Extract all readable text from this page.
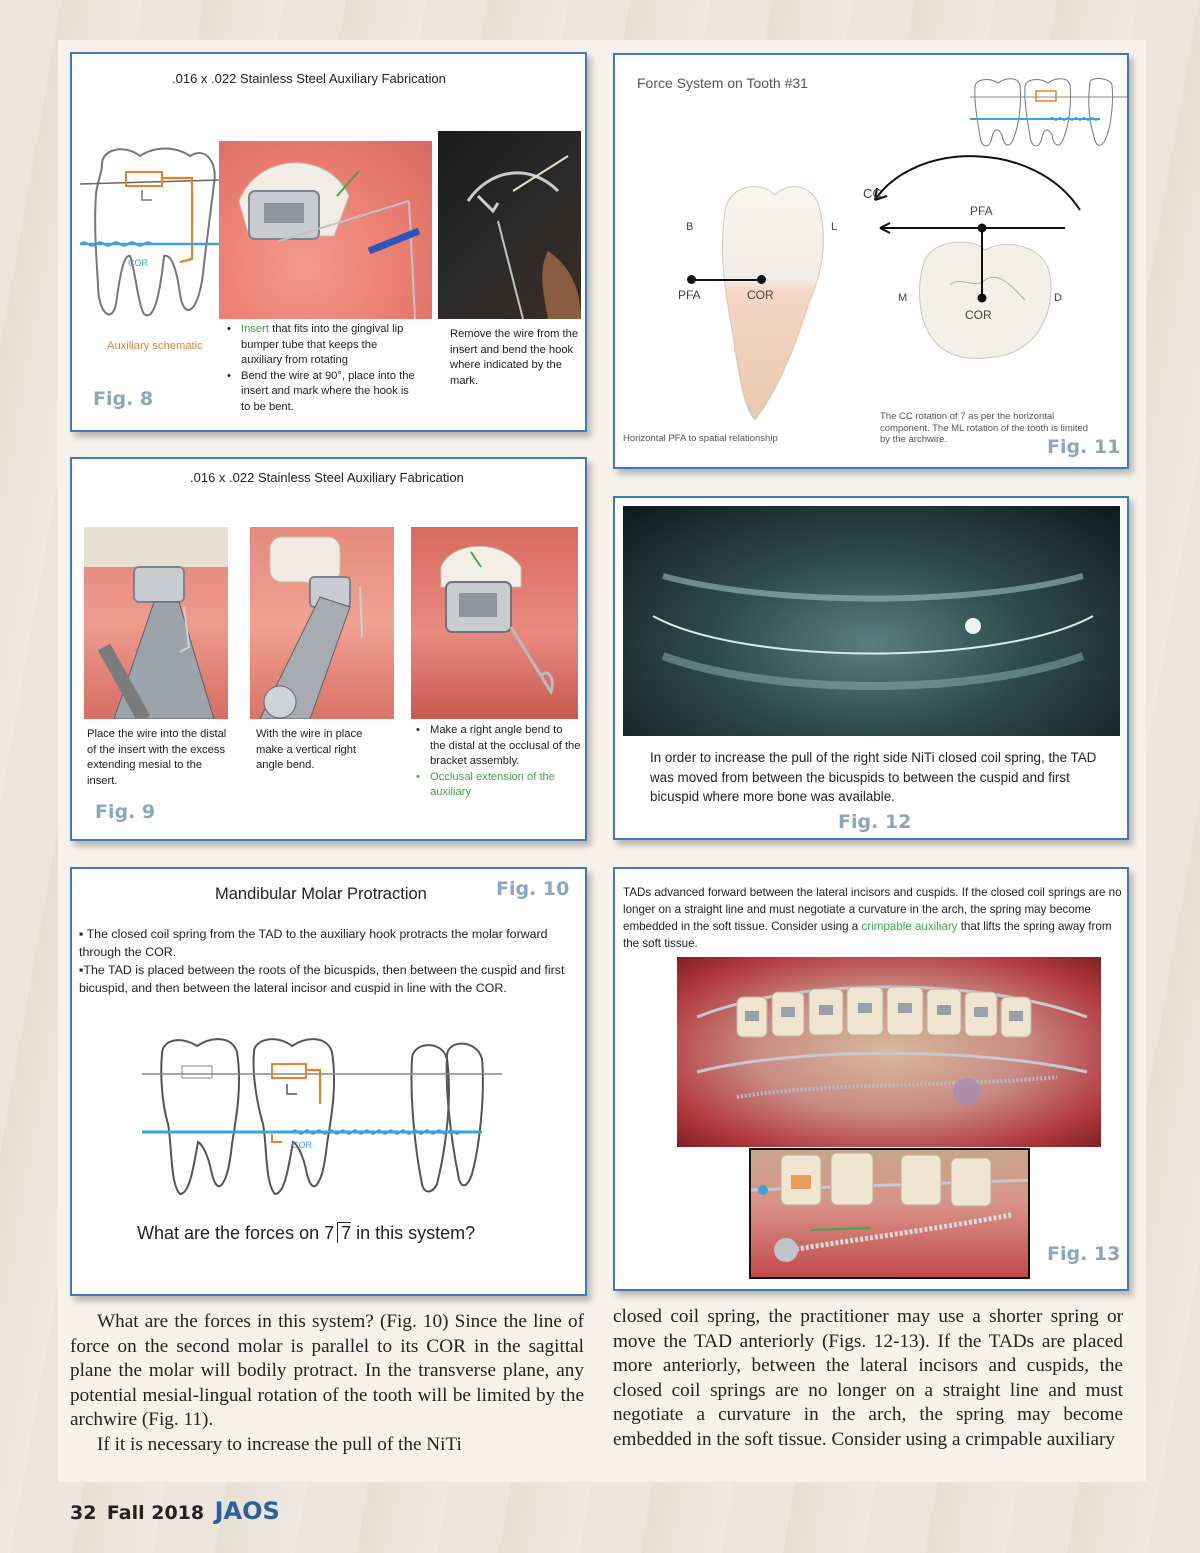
.016 x .022 Stainless Steel Auxiliary Fabrication
COR
Auxiliary schematic
• Insert that fits into the gingival lip bumper tube that keeps the auxiliary from rotating
• Bend the wire at 90°, place into the insert and mark where the hook is to be bent.
Remove the wire from the insert and bend the hook where indicated by the mark.
Fig. 8
.016 x .022 Stainless Steel Auxiliary Fabrication
Place the wire into the distal of the insert with the excess extending mesial to the insert.
With the wire in place make a vertical right angle bend.
• Make a right angle bend to the distal at the occlusal of the bracket assembly.
• Occlusal extension of the auxiliary
Fig. 9
Mandibular Molar Protraction	Fig. 10
▪ The closed coil spring from the TAD to the auxiliary hook protracts the molar forward through the COR.
▪The TAD is placed between the roots of the bicuspids, then between the cuspid and first bicuspid, and then between the lateral incisor and cuspid in line with the COR.
COR
What are the forces on 7 7 in this system?
Force System on Tooth #31
B	L
PFA	COR
CC
PFA
M	D
COR
Horizontal PFA to spatial relationship
The CC rotation of 7 as per the horizontal component. The ML rotation of the tooth is limited by the archwire.	Fig. 11
In order to increase the pull of the right side NiTi closed coil spring, the TAD was moved from between the bicuspids to between the cuspid and first bicuspid where more bone was available.
Fig. 12
TADs advanced forward between the lateral incisors and cuspids. If the closed coil springs are no longer on a straight line and must negotiate a curvature in the arch, the spring may become embedded in the soft tissue. Consider using a crimpable auxiliary that lifts the spring away from the soft tissue.
Fig. 13

What are the forces in this system? (Fig. 10) Since the line of force on the second molar is parallel to its COR in the sagittal plane the molar will bodily protract. In the transverse plane, any potential mesial-lingual rotation of the tooth will be limited by the archwire (Fig. 11).

If it is necessary to increase the pull of the NiTi

closed coil spring, the practitioner may use a shorter spring or move the TAD anteriorly (Figs. 12-13). If the TADs are placed more anteriorly, between the lateral incisors and cuspids, the closed coil springs are no longer on a straight line and must negotiate a curvature in the arch, the spring may become embedded in the soft tissue. Consider using a crimpable auxiliary

32 Fall 2018 JAOS
